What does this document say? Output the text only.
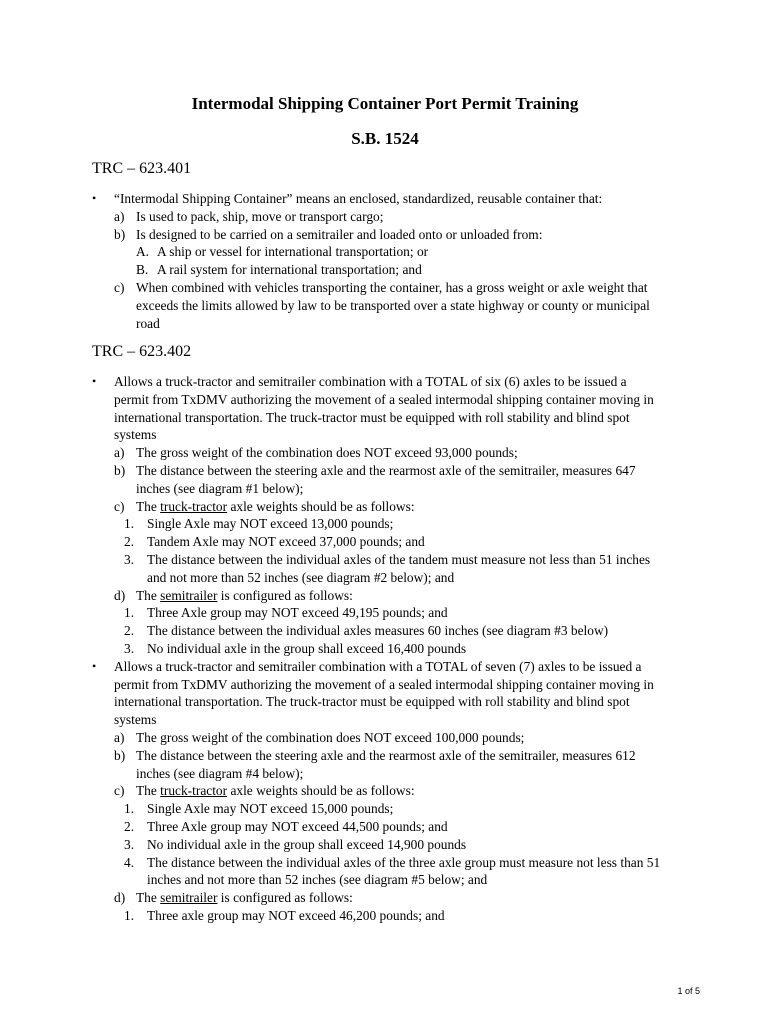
Intermodal Shipping Container Port Permit Training
S.B. 1524
TRC – 623.401
• “Intermodal Shipping Container” means an enclosed, standardized, reusable container that:
a) Is used to pack, ship, move or transport cargo;
b) Is designed to be carried on a semitrailer and loaded onto or unloaded from:
A. A ship or vessel for international transportation; or
B. A rail system for international transportation; and
c) When combined with vehicles transporting the container, has a gross weight or axle weight that
exceeds the limits allowed by law to be transported over a state highway or county or municipal
road
TRC – 623.402
• Allows a truck-tractor and semitrailer combination with a TOTAL of six (6) axles to be issued a
permit from TxDMV authorizing the movement of a sealed intermodal shipping container moving in
international transportation. The truck-tractor must be equipped with roll stability and blind spot
systems
a) The gross weight of the combination does NOT exceed 93,000 pounds;
b) The distance between the steering axle and the rearmost axle of the semitrailer, measures 647
inches (see diagram #1 below);
c) The truck-tractor axle weights should be as follows:
1. Single Axle may NOT exceed 13,000 pounds;
2. Tandem Axle may NOT exceed 37,000 pounds; and
3. The distance between the individual axles of the tandem must measure not less than 51 inches
and not more than 52 inches (see diagram #2 below); and
d) The semitrailer is configured as follows:
1. Three Axle group may NOT exceed 49,195 pounds; and
2. The distance between the individual axles measures 60 inches (see diagram #3 below)
3. No individual axle in the group shall exceed 16,400 pounds
• Allows a truck-tractor and semitrailer combination with a TOTAL of seven (7) axles to be issued a
permit from TxDMV authorizing the movement of a sealed intermodal shipping container moving in
international transportation. The truck-tractor must be equipped with roll stability and blind spot
systems
a) The gross weight of the combination does NOT exceed 100,000 pounds;
b) The distance between the steering axle and the rearmost axle of the semitrailer, measures 612
inches (see diagram #4 below);
c) The truck-tractor axle weights should be as follows:
1. Single Axle may NOT exceed 15,000 pounds;
2. Three Axle group may NOT exceed 44,500 pounds; and
3. No individual axle in the group shall exceed 14,900 pounds
4. The distance between the individual axles of the three axle group must measure not less than 51
inches and not more than 52 inches (see diagram #5 below; and
d) The semitrailer is configured as follows:
1. Three axle group may NOT exceed 46,200 pounds; and
1 of 5
